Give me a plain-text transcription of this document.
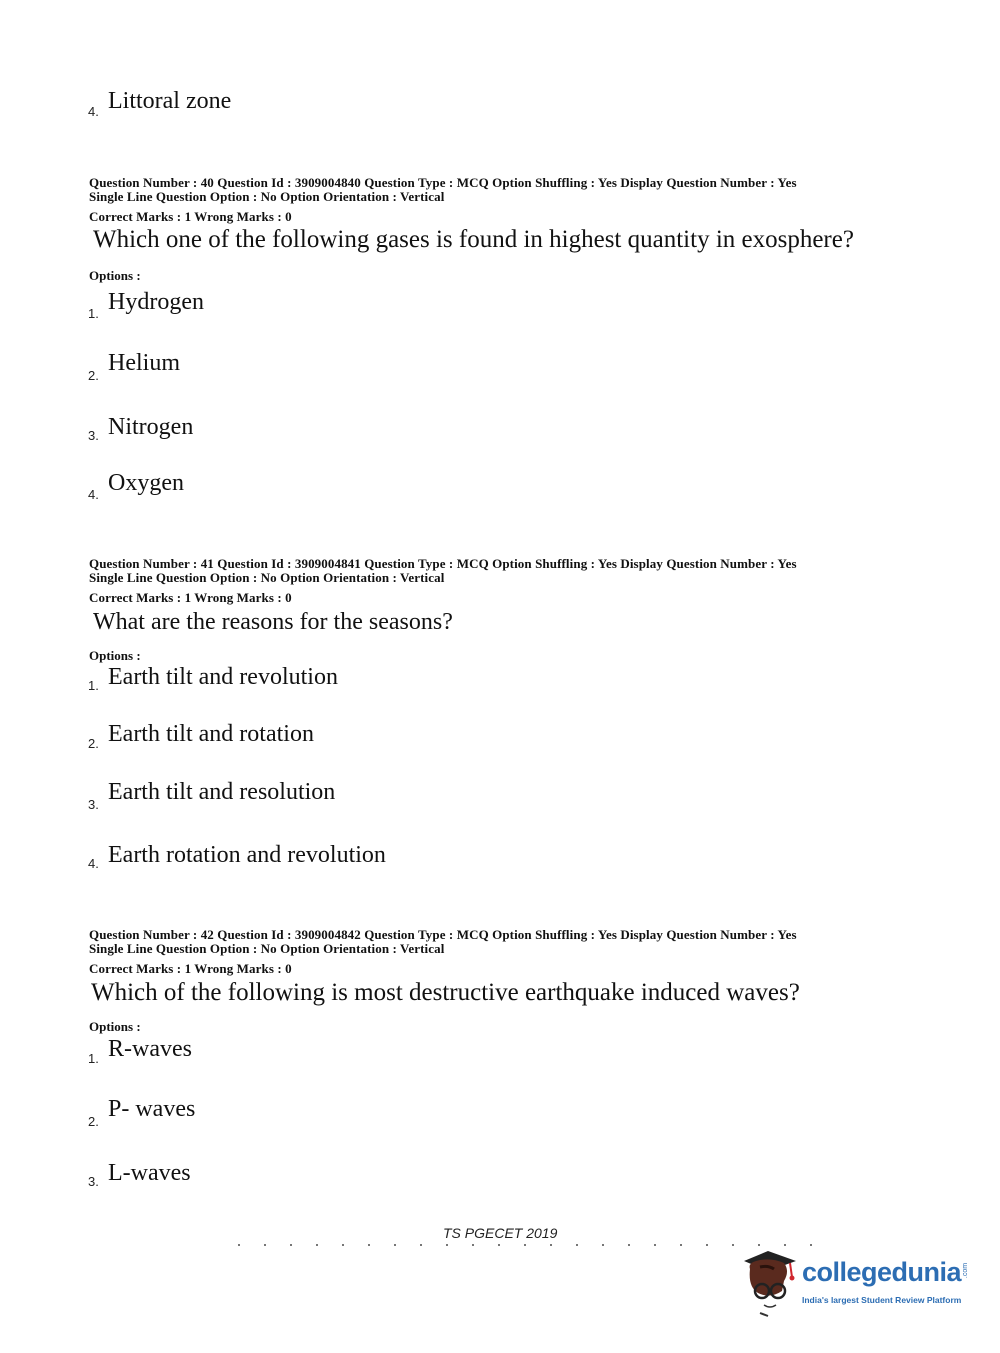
4. Littoral zone
Question Number : 40 Question Id : 3909004840 Question Type : MCQ Option Shuffling : Yes Display Question Number : Yes
Single Line Question Option : No Option Orientation : Vertical
Correct Marks : 1 Wrong Marks : 0
Which one of the following gases is found in highest quantity in exosphere?
Options :
1. Hydrogen
2. Helium
3. Nitrogen
4. Oxygen
Question Number : 41 Question Id : 3909004841 Question Type : MCQ Option Shuffling : Yes Display Question Number : Yes
Single Line Question Option : No Option Orientation : Vertical
Correct Marks : 1 Wrong Marks : 0
What are the reasons for the seasons?
Options :
1. Earth tilt and revolution
2. Earth tilt and rotation
3. Earth tilt and resolution
4. Earth rotation and revolution
Question Number : 42 Question Id : 3909004842 Question Type : MCQ Option Shuffling : Yes Display Question Number : Yes
Single Line Question Option : No Option Orientation : Vertical
Correct Marks : 1 Wrong Marks : 0
Which of the following is most destructive earthquake induced waves?
Options :
1. R-waves
2. P- waves
3. L-waves
TS PGECET 2019
collegedunia .com
India's largest Student Review Platform
